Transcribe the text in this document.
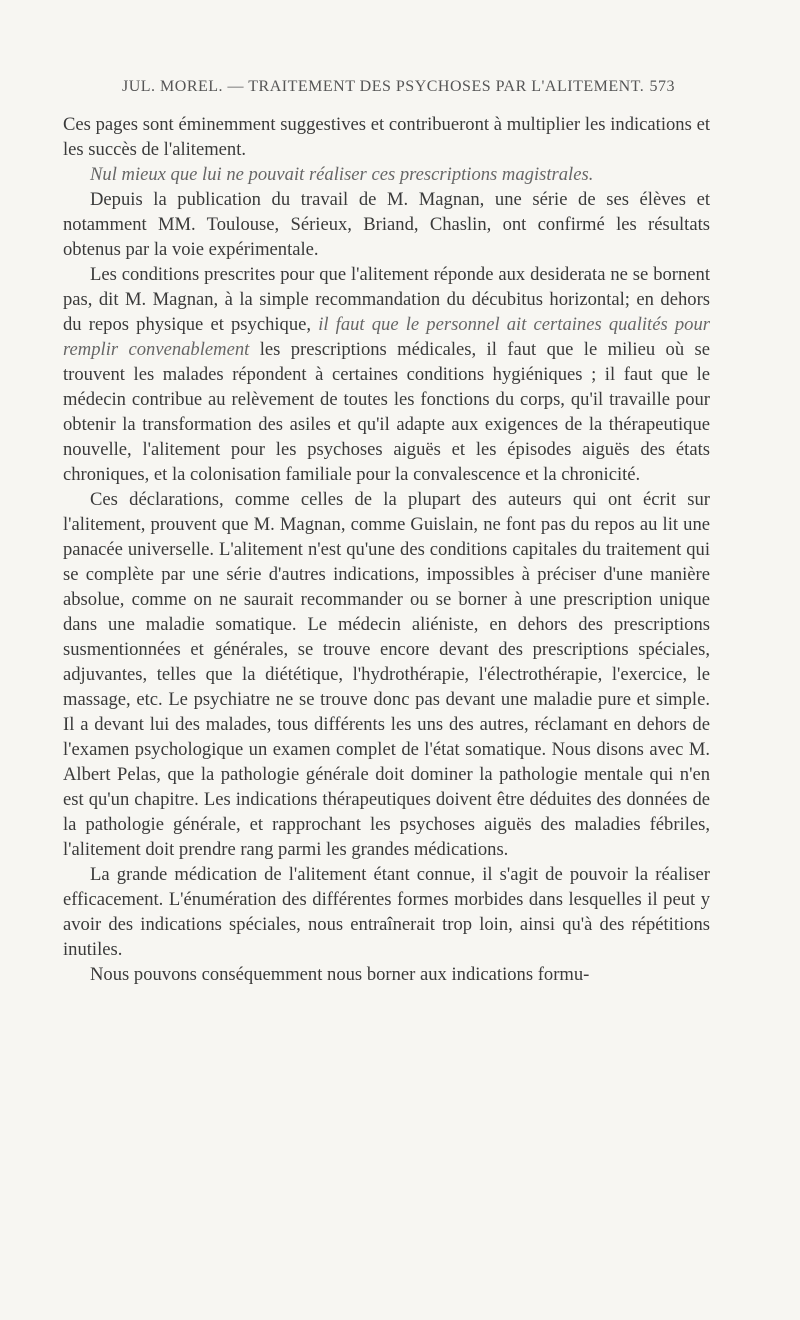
JUL. MOREL. — TRAITEMENT DES PSYCHOSES PAR L'ALITEMENT. 573

Ces pages sont éminemment suggestives et contribueront à multiplier les indications et les succès de l'alitement.

Nul mieux que lui ne pouvait réaliser ces prescriptions magistrales.

Depuis la publication du travail de M. Magnan, une série de ses élèves et notamment MM. Toulouse, Sérieux, Briand, Chaslin, ont confirmé les résultats obtenus par la voie expérimentale.

Les conditions prescrites pour que l'alitement réponde aux desiderata ne se bornent pas, dit M. Magnan, à la simple recommandation du décubitus horizontal; en dehors du repos physique et psychique, il faut que le personnel ait certaines qualités pour remplir convenablement les prescriptions médicales, il faut que le milieu où se trouvent les malades répondent à certaines conditions hygiéniques ; il faut que le médecin contribue au relèvement de toutes les fonctions du corps, qu'il travaille pour obtenir la transformation des asiles et qu'il adapte aux exigences de la thérapeutique nouvelle, l'alitement pour les psychoses aiguës et les épisodes aiguës des états chroniques, et la colonisation familiale pour la convalescence et la chronicité.

Ces déclarations, comme celles de la plupart des auteurs qui ont écrit sur l'alitement, prouvent que M. Magnan, comme Guislain, ne font pas du repos au lit une panacée universelle. L'alitement n'est qu'une des conditions capitales du traitement qui se complète par une série d'autres indications, impossibles à préciser d'une manière absolue, comme on ne saurait recommander ou se borner à une prescription unique dans une maladie somatique. Le médecin aliéniste, en dehors des prescriptions susmentionnées et générales, se trouve encore devant des prescriptions spéciales, adjuvantes, telles que la diététique, l'hydrothérapie, l'électrothérapie, l'exercice, le massage, etc. Le psychiatre ne se trouve donc pas devant une maladie pure et simple. Il a devant lui des malades, tous différents les uns des autres, réclamant en dehors de l'examen psychologique un examen complet de l'état somatique. Nous disons avec M. Albert Pelas, que la pathologie générale doit dominer la pathologie mentale qui n'en est qu'un chapitre. Les indications thérapeutiques doivent être déduites des données de la pathologie générale, et rapprochant les psychoses aiguës des maladies fébriles, l'alitement doit prendre rang parmi les grandes médications.

La grande médication de l'alitement étant connue, il s'agit de pouvoir la réaliser efficacement. L'énumération des différentes formes morbides dans lesquelles il peut y avoir des indications spéciales, nous entraînerait trop loin, ainsi qu'à des répétitions inutiles.

Nous pouvons conséquemment nous borner aux indications formu-
